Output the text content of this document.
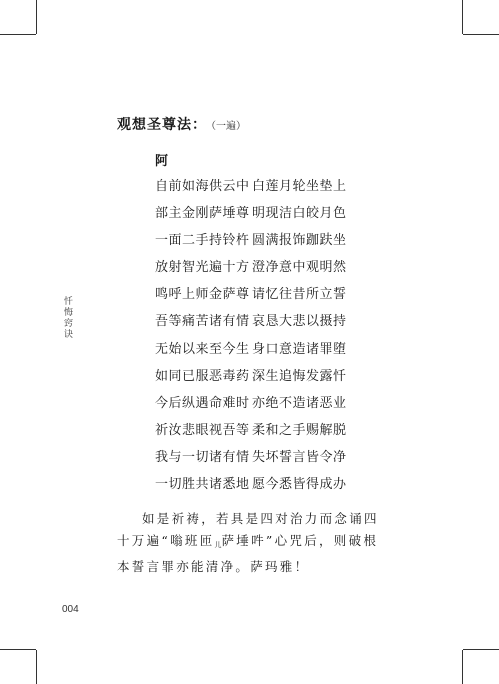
观想圣尊法： （一遍）
阿
自前如海供云中 白莲月轮坐垫上
部主金刚萨埵尊 明现洁白皎月色
一面二手持铃杵 圆满报饰跏趺坐
放射智光遍十方 澄净意中观明然
鸣呼上师金萨尊 请忆往昔所立誓
吾等痛苦诸有情 哀恳大悲以摄持
无始以来至今生 身口意造诸罪堕
如同已服恶毒药 深生追悔发露忏
今后纵遇命难时 亦绝不造诸恶业
祈汝悲眼视吾等 柔和之手赐解脱
我与一切诸有情 失坏誓言皆令净
一切胜共诸悉地 愿今悉皆得成办
忏悔窍诀

如是祈祷，若具是四对治力而念诵四十万遍“嗡班匝$_儿$萨埵吽”心咒后，则破根本誓言罪亦能清净。萨玛雅！

004
